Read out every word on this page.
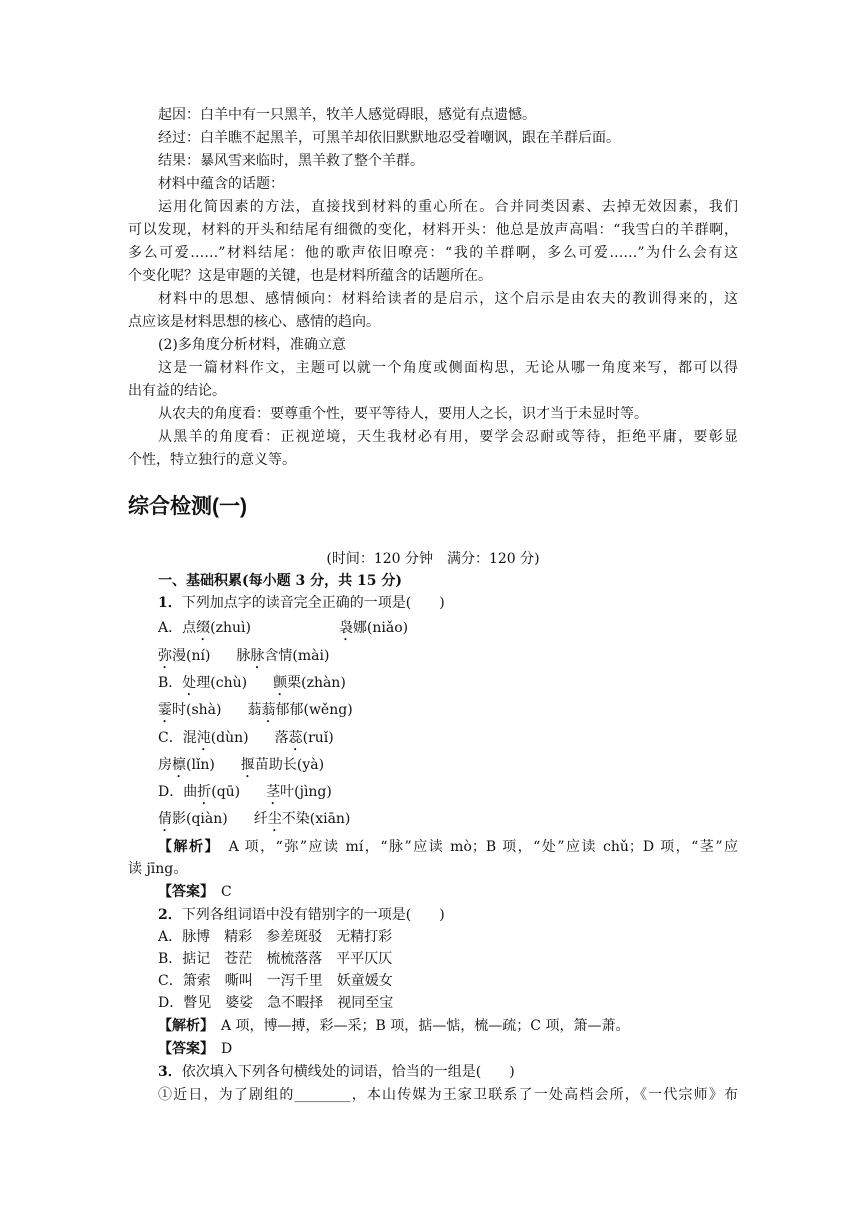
起因：白羊中有一只黑羊，牧羊人感觉碍眼，感觉有点遗憾。
经过：白羊瞧不起黑羊，可黑羊却依旧默默地忍受着嘲讽，跟在羊群后面。
结果：暴风雪来临时，黑羊救了整个羊群。
材料中蕴含的话题：
运用化简因素的方法，直接找到材料的重心所在。合并同类因素、去掉无效因素，我们
可以发现，材料的开头和结尾有细微的变化，材料开头：他总是放声高唱：“我雪白的羊群啊，
多么可爱……”材料结尾：他的歌声依旧嘹亮：“我的羊群啊，多么可爱……”为什么会有这
个变化呢？这是审题的关键，也是材料所蕴含的话题所在。
材料中的思想、感情倾向：材料给读者的是启示，这个启示是由农夫的教训得来的，这
点应该是材料思想的核心、感情的趋向。
(2)多角度分析材料，准确立意
这是一篇材料作文，主题可以就一个角度或侧面构思，无论从哪一角度来写，都可以得
出有益的结论。
从农夫的角度看：要尊重个性，要平等待人，要用人之长，识才当于未显时等。
从黑羊的角度看：正视逆境，天生我材必有用，要学会忍耐或等待，拒绝平庸，要彰显
个性，特立独行的意义等。
综合检测(一)
(时间：120 分钟　满分：120 分)
一、基础积累(每小题 3 分，共 15 分)
1．下列加点字的读音完全正确的一项是(　　)
A．点缀(zhuì)	袅娜(niǎo)
弥漫(ní) 脉脉含情(mài)
B．处理(chù) 颤栗(zhàn)
霎时(shà) 蓊蓊郁郁(wěng)
C．混沌(dùn) 落蕊(ruǐ)
房檩(lǐn) 揠苗助长(yà)
D．曲折(qū) 茎叶(jìng)
倩影(qiàn) 纤尘不染(xiān)
【解析】　 A 项，“弥”应读 mí，“脉”应读 mò；B 项，“处”应读 chǔ；D 项，“茎”应
读 jīng。
【答案】　 C
2．下列各组词语中没有错别字的一项是(　　)
A．脉博　精彩　参差斑驳　无精打彩
B．掂记　苍茫　梳梳落落　平平仄仄
C．箫索　嘶叫　一泻千里　妖童媛女
D．瞥见　婆娑　急不暇择　视同至宝
【解析】　 A 项，博—搏，彩—采；B 项，掂—惦，梳—疏；C 项，箫—萧。
【答案】　 D
3．依次填入下列各句横线处的词语，恰当的一组是(　　)
①近日，为了剧组的________，本山传媒为王家卫联系了一处高档会所，《一代宗师》布
